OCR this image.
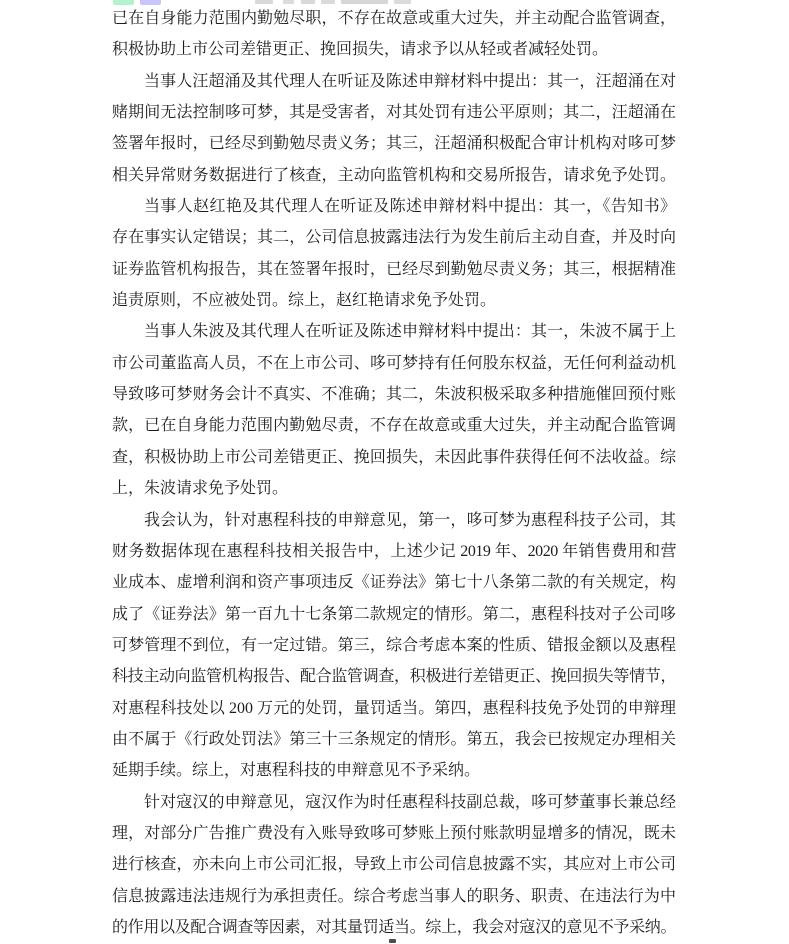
已在自身能力范围内勤勉尽职，不存在故意或重大过失，并主动配合监管调查，
积极协助上市公司差错更正、挽回损失，请求予以从轻或者减轻处罚。
当事人汪超涌及其代理人在听证及陈述申辩材料中提出：其一，汪超涌在对
赌期间无法控制哆可梦，其是受害者，对其处罚有违公平原则；其二，汪超涌在
签署年报时，已经尽到勤勉尽责义务；其三，汪超涌积极配合审计机构对哆可梦
相关异常财务数据进行了核查，主动向监管机构和交易所报告，请求免予处罚。
当事人赵红艳及其代理人在听证及陈述申辩材料中提出：其一，《告知书》
存在事实认定错误；其二，公司信息披露违法行为发生前后主动自查，并及时向
证券监管机构报告，其在签署年报时，已经尽到勤勉尽责义务；其三，根据精准
追责原则，不应被处罚。综上，赵红艳请求免予处罚。
当事人朱波及其代理人在听证及陈述申辩材料中提出：其一，朱波不属于上
市公司董监高人员，不在上市公司、哆可梦持有任何股东权益，无任何利益动机
导致哆可梦财务会计不真实、不准确；其二，朱波积极采取多种措施催回预付账
款，已在自身能力范围内勤勉尽责，不存在故意或重大过失，并主动配合监管调
查，积极协助上市公司差错更正、挽回损失，未因此事件获得任何不法收益。综
上，朱波请求免予处罚。
我会认为，针对惠程科技的申辩意见，第一，哆可梦为惠程科技子公司，其
财务数据体现在惠程科技相关报告中，上述少记 2019 年、2020 年销售费用和营
业成本、虚增利润和资产事项违反《证券法》第七十八条第二款的有关规定，构
成了《证券法》第一百九十七条第二款规定的情形。第二，惠程科技对子公司哆
可梦管理不到位，有一定过错。第三，综合考虑本案的性质、错报金额以及惠程
科技主动向监管机构报告、配合监管调查，积极进行差错更正、挽回损失等情节，
对惠程科技处以 200 万元的处罚，量罚适当。第四，惠程科技免予处罚的申辩理
由不属于《行政处罚法》第三十三条规定的情形。第五，我会已按规定办理相关
延期手续。综上，对惠程科技的申辩意见不予采纳。
针对寇汉的申辩意见，寇汉作为时任惠程科技副总裁，哆可梦董事长兼总经
理，对部分广告推广费没有入账导致哆可梦账上预付账款明显增多的情况，既未
进行核查，亦未向上市公司汇报，导致上市公司信息披露不实，其应对上市公司
信息披露违法违规行为承担责任。综合考虑当事人的职务、职责、在违法行为中
的作用以及配合调查等因素，对其量罚适当。综上，我会对寇汉的意见不予采纳。
